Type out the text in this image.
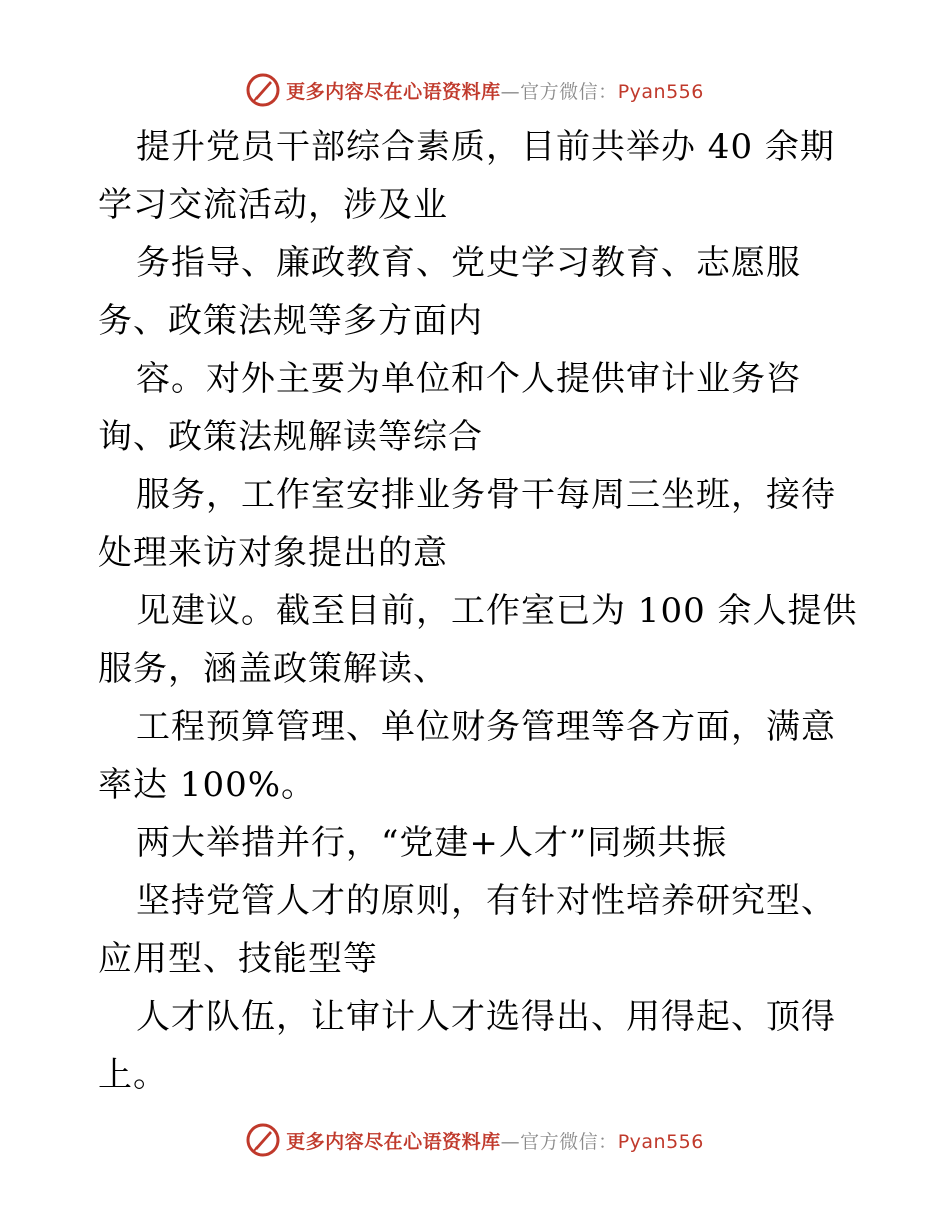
更多内容尽在心语资料库—官方微信：Pyan556

提升党员干部综合素质，目前共举办 40 余期学习交流活动，涉及业

务指导、廉政教育、党史学习教育、志愿服务、政策法规等多方面内

容。对外主要为单位和个人提供审计业务咨询、政策法规解读等综合

服务，工作室安排业务骨干每周三坐班，接待处理来访对象提出的意

见建议。截至目前，工作室已为 100 余人提供服务，涵盖政策解读、

工程预算管理、单位财务管理等各方面，满意率达 100%。

两大举措并行，“党建+人才”同频共振

坚持党管人才的原则，有针对性培养研究型、应用型、技能型等

人才队伍，让审计人才选得出、用得起、顶得上。

更多内容尽在心语资料库—官方微信：Pyan556
